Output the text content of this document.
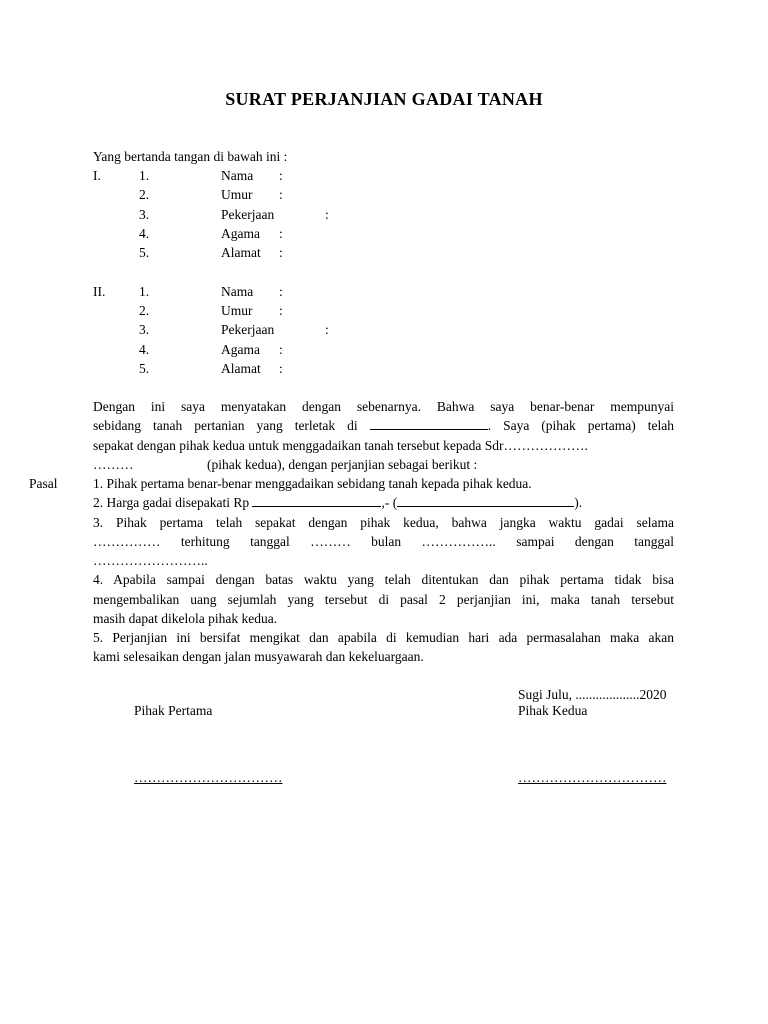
SURAT PERJANJIAN GADAI TANAH
Yang bertanda tangan di bawah ini :
I.	1.	Nama :
2.	Umur :
3.	Pekerjaan	:
4.	Agama :
5.	Alamat :
II. 1.	Nama :
2.	Umur :
3.	Pekerjaan	:
4.	Agama :
5.	Alamat :
Dengan ini saya menyatakan dengan sebenarnya. Bahwa saya benar-benar mempunyai
sebidang tanah pertanian yang terletak di	. Saya (pihak pertama) telah
sepakat dengan pihak kedua untuk menggadaikan tanah tersebut kepada Sdr……………….
………	(pihak kedua), dengan perjanjian sebagai berikut :
Pasal	1. Pihak pertama benar-benar menggadaikan sebidang tanah kepada pihak kedua.
2. Harga gadai disepakati Rp	,- (	).
3. Pihak pertama telah sepakat dengan pihak kedua, bahwa jangka waktu gadai selama
…………… terhitung tanggal ……… bulan …………….. sampai dengan tanggal
……………………..
4. Apabila sampai dengan batas waktu yang telah ditentukan dan pihak pertama tidak bisa
mengembalikan uang sejumlah yang tersebut di pasal 2 perjanjian ini, maka tanah tersebut
masih dapat dikelola pihak kedua.
5. Perjanjian ini bersifat mengikat dan apabila di kemudian hari ada permasalahan maka akan
kami selesaikan dengan jalan musyawarah dan kekeluargaan.
Sugi Julu, ...................2020
Pihak Pertama	Pihak Kedua
……………………………	……………………………
